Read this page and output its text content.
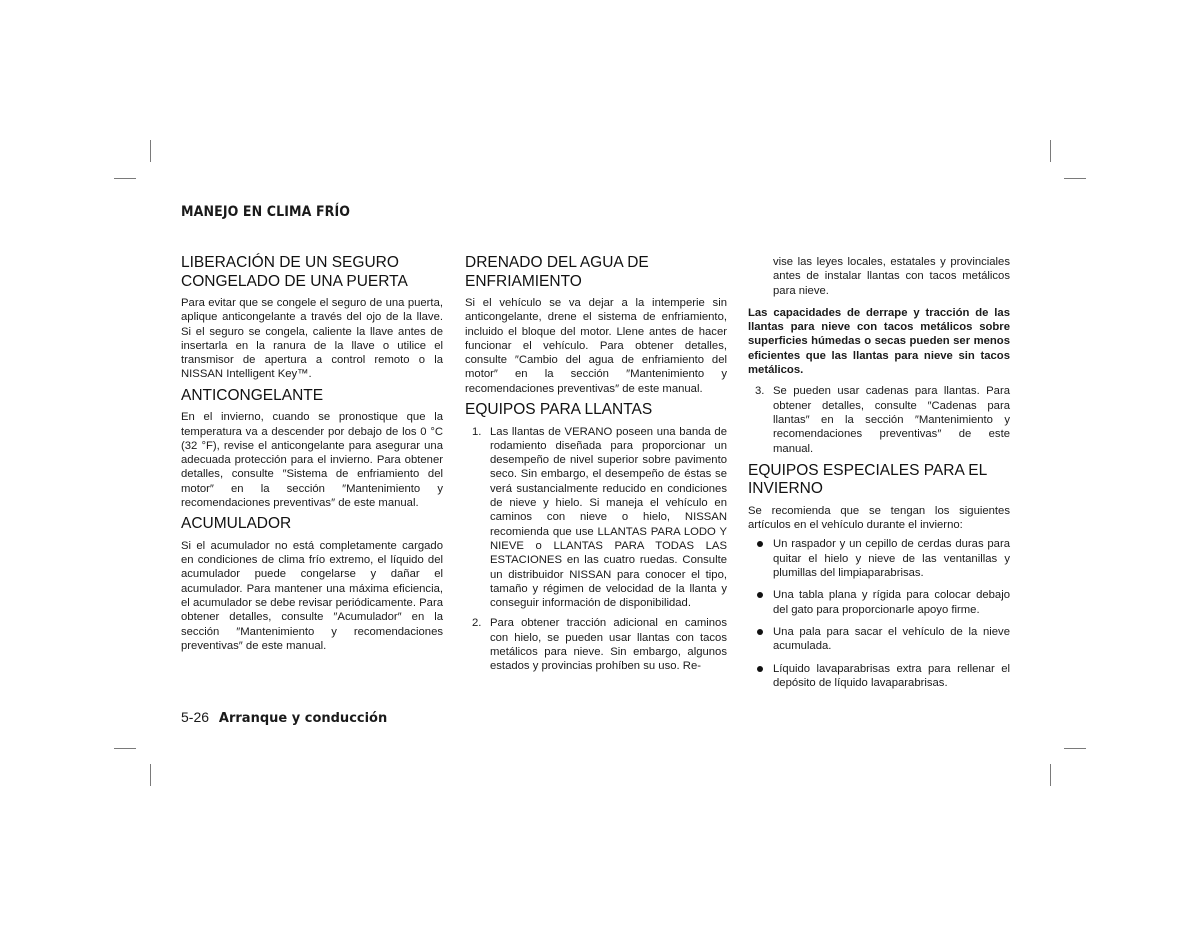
MANEJO EN CLIMA FRÍO
LIBERACIÓN DE UN SEGURO CONGELADO DE UNA PUERTA
Para evitar que se congele el seguro de una puerta, aplique anticongelante a través del ojo de la llave. Si el seguro se congela, caliente la llave antes de insertarla en la ranura de la llave o utilice el transmisor de apertura a control remoto o la NISSAN Intelligent Key™.
ANTICONGELANTE
En el invierno, cuando se pronostique que la temperatura va a descender por debajo de los 0 °C (32 °F), revise el anticongelante para asegurar una adecuada protección para el invierno. Para obtener detalles, consulte ″Sistema de enfriamiento del motor″ en la sección ″Mantenimiento y recomendaciones preventivas″ de este manual.
ACUMULADOR
Si el acumulador no está completamente cargado en condiciones de clima frío extremo, el líquido del acumulador puede congelarse y dañar el acumulador. Para mantener una máxima eficiencia, el acumulador se debe revisar periódicamente. Para obtener detalles, consulte ″Acumulador″ en la sección ″Mantenimiento y recomendaciones preventivas″ de este manual.
DRENADO DEL AGUA DE ENFRIAMIENTO
Si el vehículo se va dejar a la intemperie sin anticongelante, drene el sistema de enfriamiento, incluido el bloque del motor. Llene antes de hacer funcionar el vehículo. Para obtener detalles, consulte ″Cambio del agua de enfriamiento del motor″ en la sección ″Mantenimiento y recomendaciones preventivas″ de este manual.
EQUIPOS PARA LLANTAS
1. Las llantas de VERANO poseen una banda de rodamiento diseñada para proporcionar un desempeño de nivel superior sobre pavimento seco. Sin embargo, el desempeño de éstas se verá sustancialmente reducido en condiciones de nieve y hielo. Si maneja el vehículo en caminos con nieve o hielo, NISSAN recomienda que use LLANTAS PARA LODO Y NIEVE o LLANTAS PARA TODAS LAS ESTACIONES en las cuatro ruedas. Consulte un distribuidor NISSAN para conocer el tipo, tamaño y régimen de velocidad de la llanta y conseguir información de disponibilidad.
2. Para obtener tracción adicional en caminos con hielo, se pueden usar llantas con tacos metálicos para nieve. Sin embargo, algunos estados y provincias prohíben su uso. Re-
vise las leyes locales, estatales y provinciales antes de instalar llantas con tacos metálicos para nieve.
Las capacidades de derrape y tracción de las llantas para nieve con tacos metálicos sobre superficies húmedas o secas pueden ser menos eficientes que las llantas para nieve sin tacos metálicos.
3. Se pueden usar cadenas para llantas. Para obtener detalles, consulte ″Cadenas para llantas″ en la sección ″Mantenimiento y recomendaciones preventivas″ de este manual.
EQUIPOS ESPECIALES PARA EL INVIERNO
Se recomienda que se tengan los siguientes artículos en el vehículo durante el invierno:
Un raspador y un cepillo de cerdas duras para quitar el hielo y nieve de las ventanillas y plumillas del limpiaparabrisas.
Una tabla plana y rígida para colocar debajo del gato para proporcionarle apoyo firme.
Una pala para sacar el vehículo de la nieve acumulada.
Líquido lavaparabrisas extra para rellenar el depósito de líquido lavaparabrisas.
5-26 Arranque y conducción
